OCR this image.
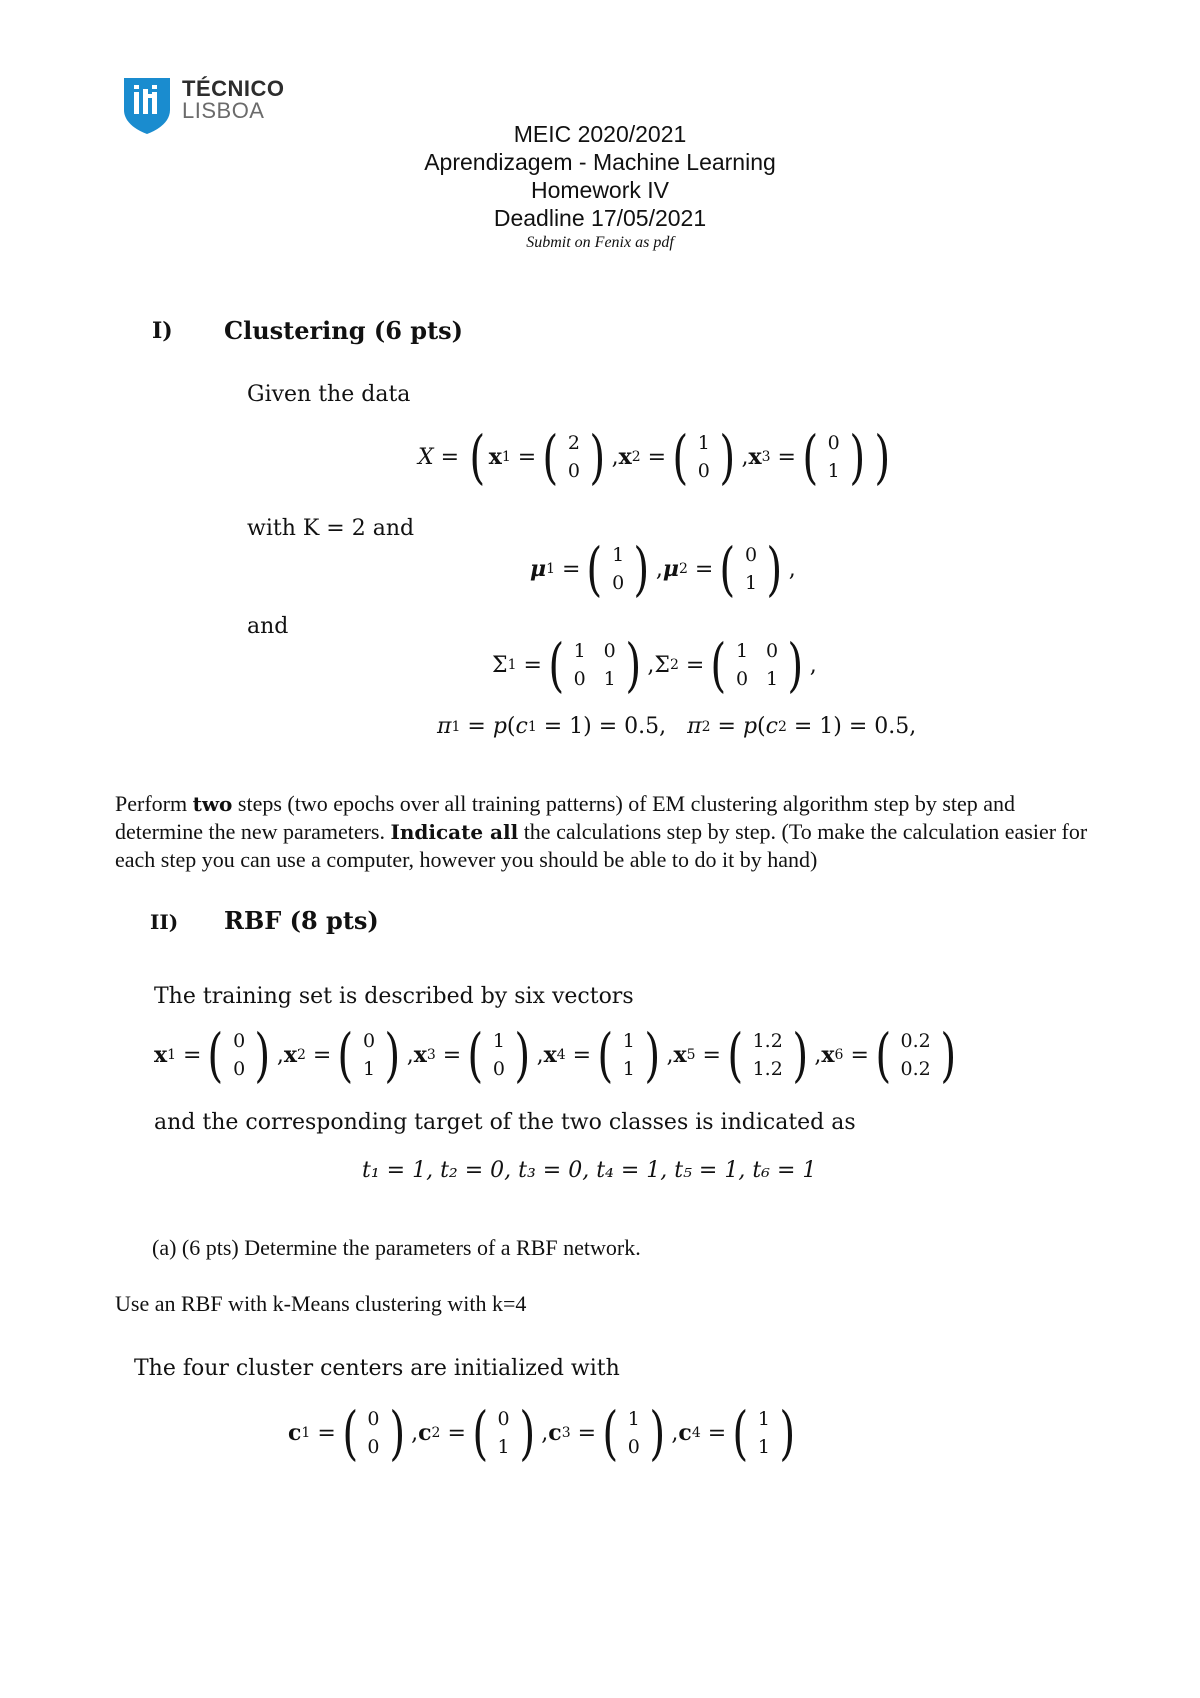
TÉCNICO
LISBOA
MEIC 2020/2021
Aprendizagem - Machine Learning
Homework IV
Deadline 17/05/2021
Submit on Fenix as pdf
I) Clustering (6 pts)
Given the data
X = ( x 1 = ( 2
0 ) , x 2 = ( 1
0 ) , x 3 = ( 0
1 ) )
with K = 2 and
μ 1 = ( 1
0 ) , μ 2 = ( 0
1 ) ,
and
Σ 1 = ( 1 0
0 1 ) ,Σ 2 = ( 1 0
0 1 ) ,
π 1 = p ( c 1 = 1) = 0.5, π 2 = p ( c 2 = 1) = 0.5,
Perform two steps (two epochs over all training patterns) of EM clustering algorithm step by step and determine the new parameters. Indicate all the calculations step by step. (To make the calculation easier for each step you can use a computer, however you should be able to do it by hand)
II) RBF (8 pts)
The training set is described by six vectors
x 1 = ( 0
0 ) , x 2 = ( 0
1 ) , x 3 = ( 1
0 ) , x 4 = ( 1
1 ) , x 5 = ( 1.2
1.2 ) , x 6 = ( 0.2
0.2 )
and the corresponding target of the two classes is indicated as
t₁ = 1, t₂ = 0, t₃ = 0, t₄ = 1, t₅ = 1, t₆ = 1
(a) (6 pts) Determine the parameters of a RBF network.
Use an RBF with k-Means clustering with k=4
The four cluster centers are initialized with
c 1 = ( 0
0 ) , c 2 = ( 0
1 ) , c 3 = ( 1
0 ) , c 4 = ( 1
1 )
